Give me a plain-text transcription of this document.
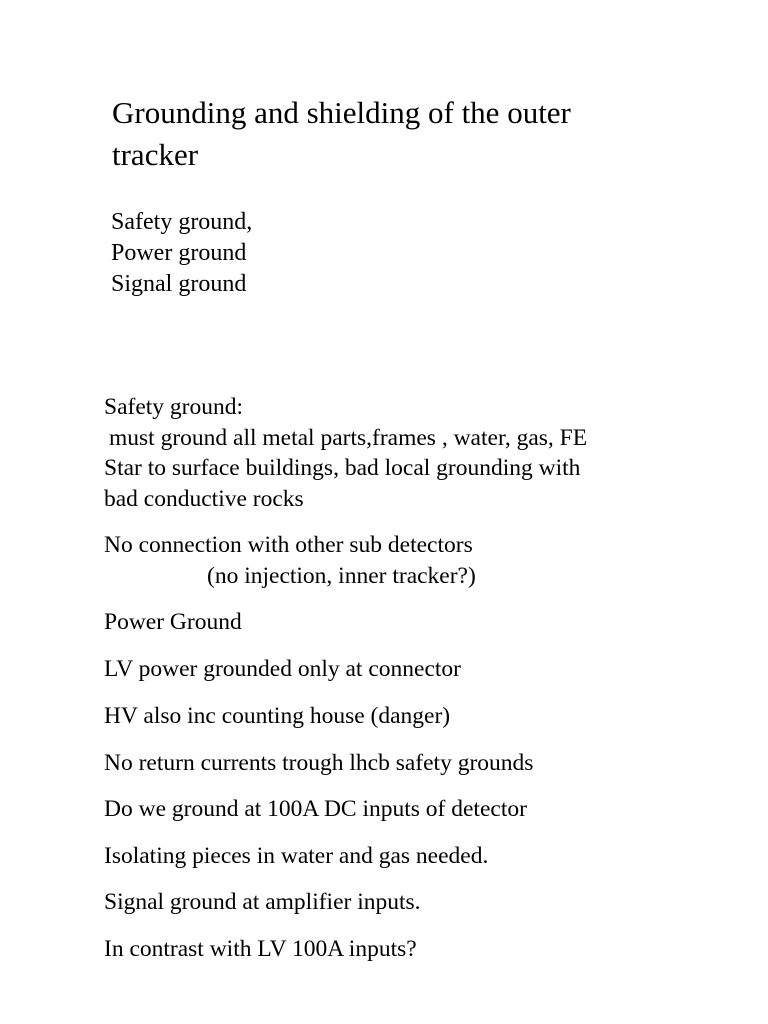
Grounding and shielding of the outer
tracker
Safety ground,
Power ground
Signal ground
Safety ground:
must ground all metal parts,frames , water, gas, FE
Star to surface buildings, bad local grounding with
bad conductive rocks
No connection with other sub detectors
(no injection, inner tracker?)
Power Ground
LV power grounded only at connector
HV also inc counting house (danger)
No return currents trough lhcb safety grounds
Do we ground at 100A DC inputs of detector
Isolating pieces in water and gas needed.
Signal ground at amplifier inputs.
In contrast with LV 100A inputs?
